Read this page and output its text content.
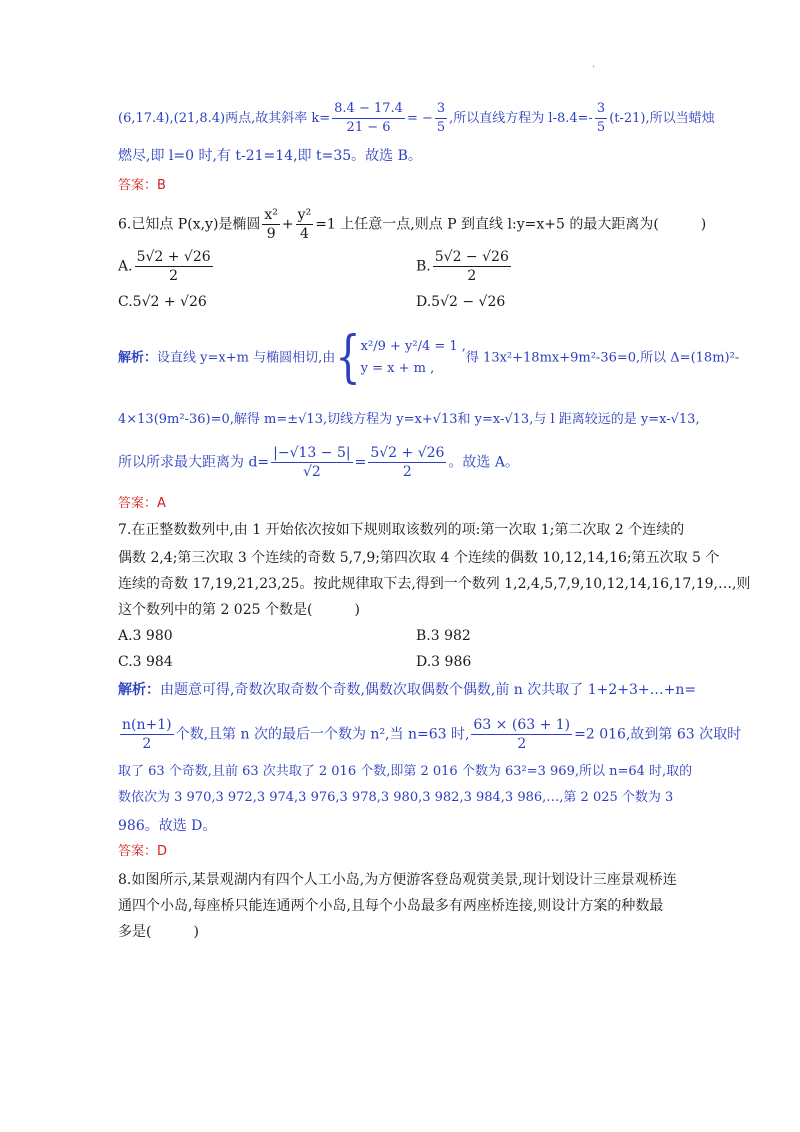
·
(6,17.4),(21,8.4)两点,故其斜率 $k= \frac{8.4 - 17.4}{21 - 6}$ = − $\frac{3}{5}$ ,所以直线方程为 $l-8.4=- \frac{3}{5} (t-21)$,所以当蜡烛
燃尽,即 l=0 时,有 t-21=14,即 t=35。故选 B。
答案：B
6.已知点 P(x,y)是椭圆 $\frac{\text{x²}}{9} + \frac{\text{y²}}{4} =1$ 上任意一点,则点 P 到直线 l:y=x+5 的最大距离为(　　　)
A. $\frac{5√2 + √26}{2}$	B. $\frac{5√2 - √26}{2}$
C.5√2 + √26	D.5√2 − √26
解析：设直线 y=x+m 与椭圆相切,由{ x²/9 + y²/4 = 1 ,
y = x + m ,
得 13x²+18mx+9m²-36=0,所以 Δ=(18m)²-
4×13(9m²-36)=0,解得 m=±√13,切线方程为 y=x+√13和 y=x-√13,与 l 距离较远的是 y=x-√13,
所以所求最大距离为 $d= \frac{|-√13 - 5|}{√2} = \frac{5√2 + √26}{2}$ 。故选 A。
答案：A
7.在正整数数列中,由 1 开始依次按如下规则取该数列的项:第一次取 1;第二次取 2 个连续的
偶数 2,4;第三次取 3 个连续的奇数 5,7,9;第四次取 4 个连续的偶数 10,12,14,16;第五次取 5 个
连续的奇数 17,19,21,23,25。按此规律取下去,得到一个数列 1,2,4,5,7,9,10,12,14,16,17,19,…,则
这个数列中的第 2 025 个数是(　　　)
A.3 980	B.3 982
C.3 984	D.3 986
解析：由题意可得,奇数次取奇数个奇数,偶数次取偶数个偶数,前 n 次共取了 1+2+3+…+n=
$\frac{n(n+1)}{2}$ 个数,且第 n 次的最后一个数为 n²,当 n=63 时, $\frac{63 \times (63 + 1)}{2} =2$ 016,故到第 63 次取时
取了 63 个奇数,且前 63 次共取了 2 016 个数,即第 2 016 个数为 63²=3 969,所以 n=64 时,取的
数依次为 3 970,3 972,3 974,3 976,3 978,3 980,3 982,3 984,3 986,…,第 2 025 个数为 3
986。故选 D。
答案：D
8.如图所示,某景观湖内有四个人工小岛,为方便游客登岛观赏美景,现计划设计三座景观桥连
通四个小岛,每座桥只能连通两个小岛,且每个小岛最多有两座桥连接,则设计方案的种数最
多是(　　　)
